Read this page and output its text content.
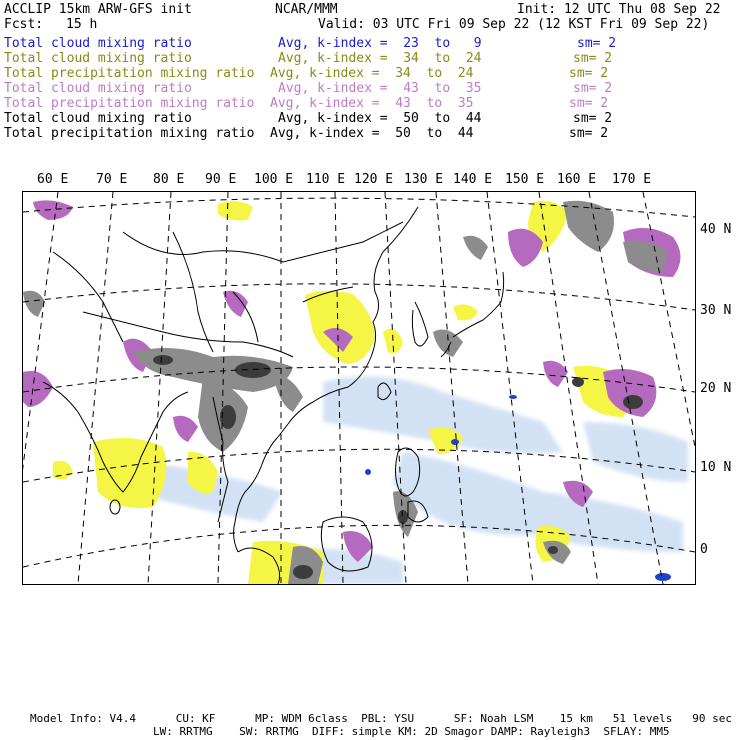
ACCLIP 15km ARW-GFS init	NCAR/MMM	Init: 12 UTC Thu 08 Sep 22
Fcst: 15 h	Valid: 03 UTC Fri 09 Sep 22 (12 KST Fri 09 Sep 22)
Total cloud mixing ratio	Avg, k-index = 23 to 9	sm= 2
Total cloud mixing ratio	Avg, k-index = 34 to 24	sm= 2
Total precipitation mixing ratio Avg, k-index = 34 to 24	sm= 2
Total cloud mixing ratio	Avg, k-index = 43 to 35	sm= 2
Total precipitation mixing ratio Avg, k-index = 43 to 35	sm= 2
Total cloud mixing ratio	Avg, k-index = 50 to 44	sm= 2
Total precipitation mixing ratio Avg, k-index = 50 to 44	sm= 2
60 E 70 E 80 E 90 E 100 E 110 E 120 E 130 E 140 E 150 E 160 E 170 E
40 N
30 N
20 N
10 N
0
Model Info: V4.4      CU: KF      MP: WDM 6class  PBL: YSU      SF: Noah LSM    15 km   51 levels   90 sec
LW: RRTMG    SW: RRTMG  DIFF: simple KM: 2D Smagor DAMP: Rayleigh3  SFLAY: MM5
